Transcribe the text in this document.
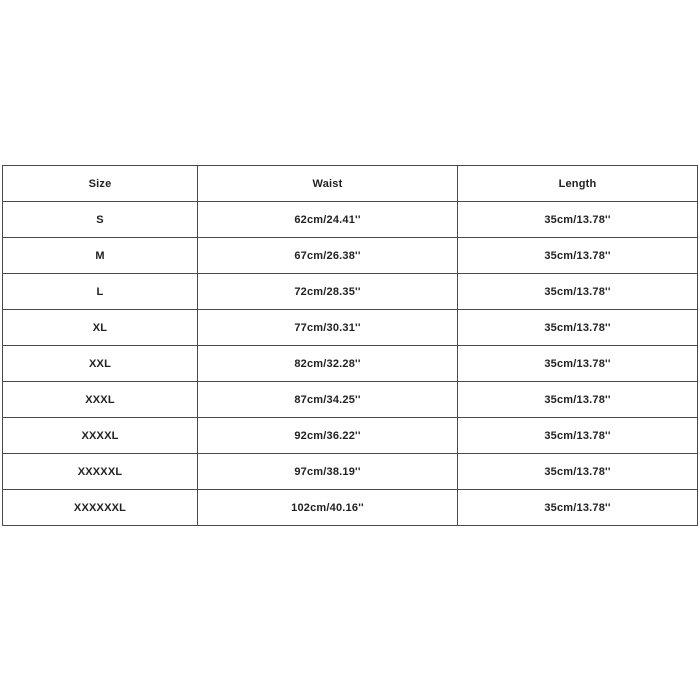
Size	Waist	Length
S	62cm/24.41''	35cm/13.78''
M	67cm/26.38''	35cm/13.78''
L	72cm/28.35''	35cm/13.78''
XL	77cm/30.31''	35cm/13.78''
XXL	82cm/32.28''	35cm/13.78''
XXXL	87cm/34.25''	35cm/13.78''
XXXXL	92cm/36.22''	35cm/13.78''
XXXXXL	97cm/38.19''	35cm/13.78''
XXXXXXL	102cm/40.16''	35cm/13.78''
